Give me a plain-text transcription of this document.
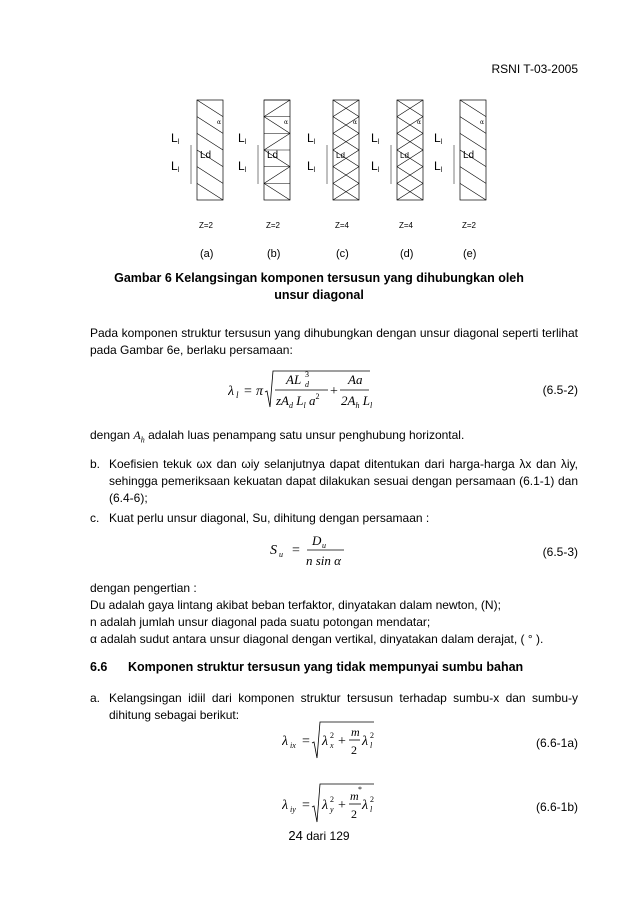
RSNI T-03-2005
α
Ld
Ll
Ll
Z=2
(a)
α
Ld
Ll
Ll
Z=2
(b)
α
Ld
Ll
Ll
Z=4
(c)
α
Ld
Ll
Ll
Z=4
(d)
α
Ld
Ll
Ll
Z=2
(e)
Gambar 6 Kelangsingan komponen tersusun yang dihubungkan oleh
unsur diagonal
Pada komponen struktur tersusun yang dihubungkan dengan unsur diagonal seperti terlihat pada Gambar 6e, berlaku persamaan:
λ l = π
AL d
3
$zA_d$ $L_l$ $a^2$ +
Aa
$2A_h$ $L_l$
(6.5-2)
dengan $A_h$ adalah luas penampang satu unsur penghubung horizontal.
b. Koefisien tekuk ωx dan ωiy selanjutnya dapat ditentukan dari harga-harga λx dan λiy, sehingga pemeriksaan kekuatan dapat dilakukan sesuai dengan persamaan (6.1-1) dan (6.4-6);
c. Kuat perlu unsur diagonal, Su, dihitung dengan persamaan :
S u =
D u
n sin α
(6.5-3)
dengan pengertian :
Du adalah gaya lintang akibat beban terfaktor, dinyatakan dalam newton, (N);
n adalah jumlah unsur diagonal pada suatu potongan mendatar;
α adalah sudut antara unsur diagonal dengan vertikal, dinyatakan dalam derajat, ( ° ).
6.6 Komponen struktur tersusun yang tidak mempunyai sumbu bahan
a. Kelangsingan idiil dari komponen struktur tersusun terhadap sumbu-x dan sumbu-y dihitung sebagai berikut:
λ ix = λ x
2 +
m
2
λ l
2
(6.6-1a)
λ iy = λ y
2 +
m *
2
λ l
2
(6.6-1b)
24 dari 129
